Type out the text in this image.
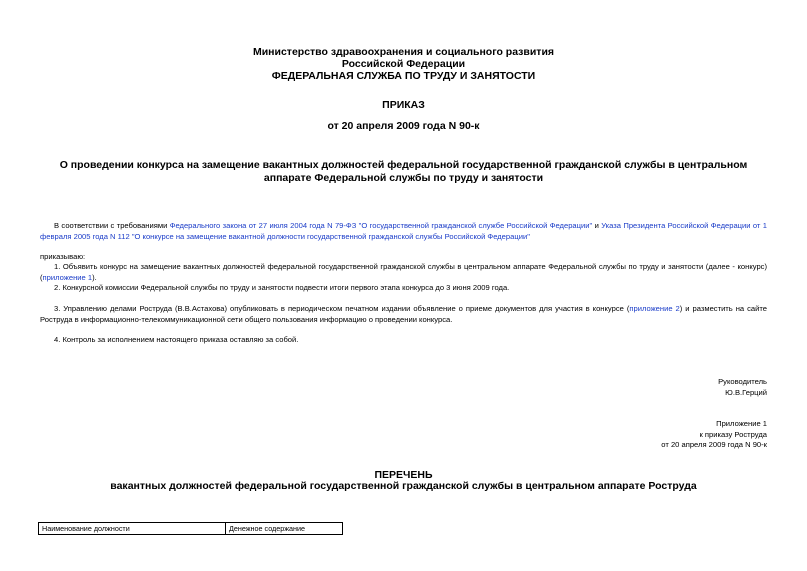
Министерство здравоохранения и социального развития
Российской Федерации
ФЕДЕРАЛЬНАЯ СЛУЖБА ПО ТРУДУ И ЗАНЯТОСТИ
ПРИКАЗ
от 20 апреля 2009 года N 90-к
О проведении конкурса на замещение вакантных должностей федеральной государственной гражданской службы в центральном аппарате Федеральной службы по труду и занятости
В соответствии с требованиями Федерального закона от 27 июля 2004 года N 79-ФЗ "О государственной гражданской службе Российской Федерации" и Указа Президента Российской Федерации от 1 февраля 2005 года N 112 "О конкурсе на замещение вакантной должности государственной гражданской службы Российской Федерации"
приказываю:
1. Объявить конкурс на замещение вакантных должностей федеральной государственной гражданской службы в центральном аппарате Федеральной службы по труду и занятости (далее - конкурс) (приложение 1).
2. Конкурсной комиссии Федеральной службы по труду и занятости подвести итоги первого этапа конкурса до 3 июня 2009 года.
3. Управлению делами Роструда (В.В.Астахова) опубликовать в периодическом печатном издании объявление о приеме документов для участия в конкурсе (приложение 2) и разместить на сайте Роструда в информационно-телекоммуникационной сети общего пользования информацию о проведении конкурса.
4. Контроль за исполнением настоящего приказа оставляю за собой.
Руководитель
Ю.В.Герций
Приложение 1
к приказу Роструда
от 20 апреля 2009 года N 90-к
ПЕРЕЧЕНЬ
вакантных должностей федеральной государственной гражданской службы в центральном аппарате Роструда
Наименование должности	Денежное содержание
